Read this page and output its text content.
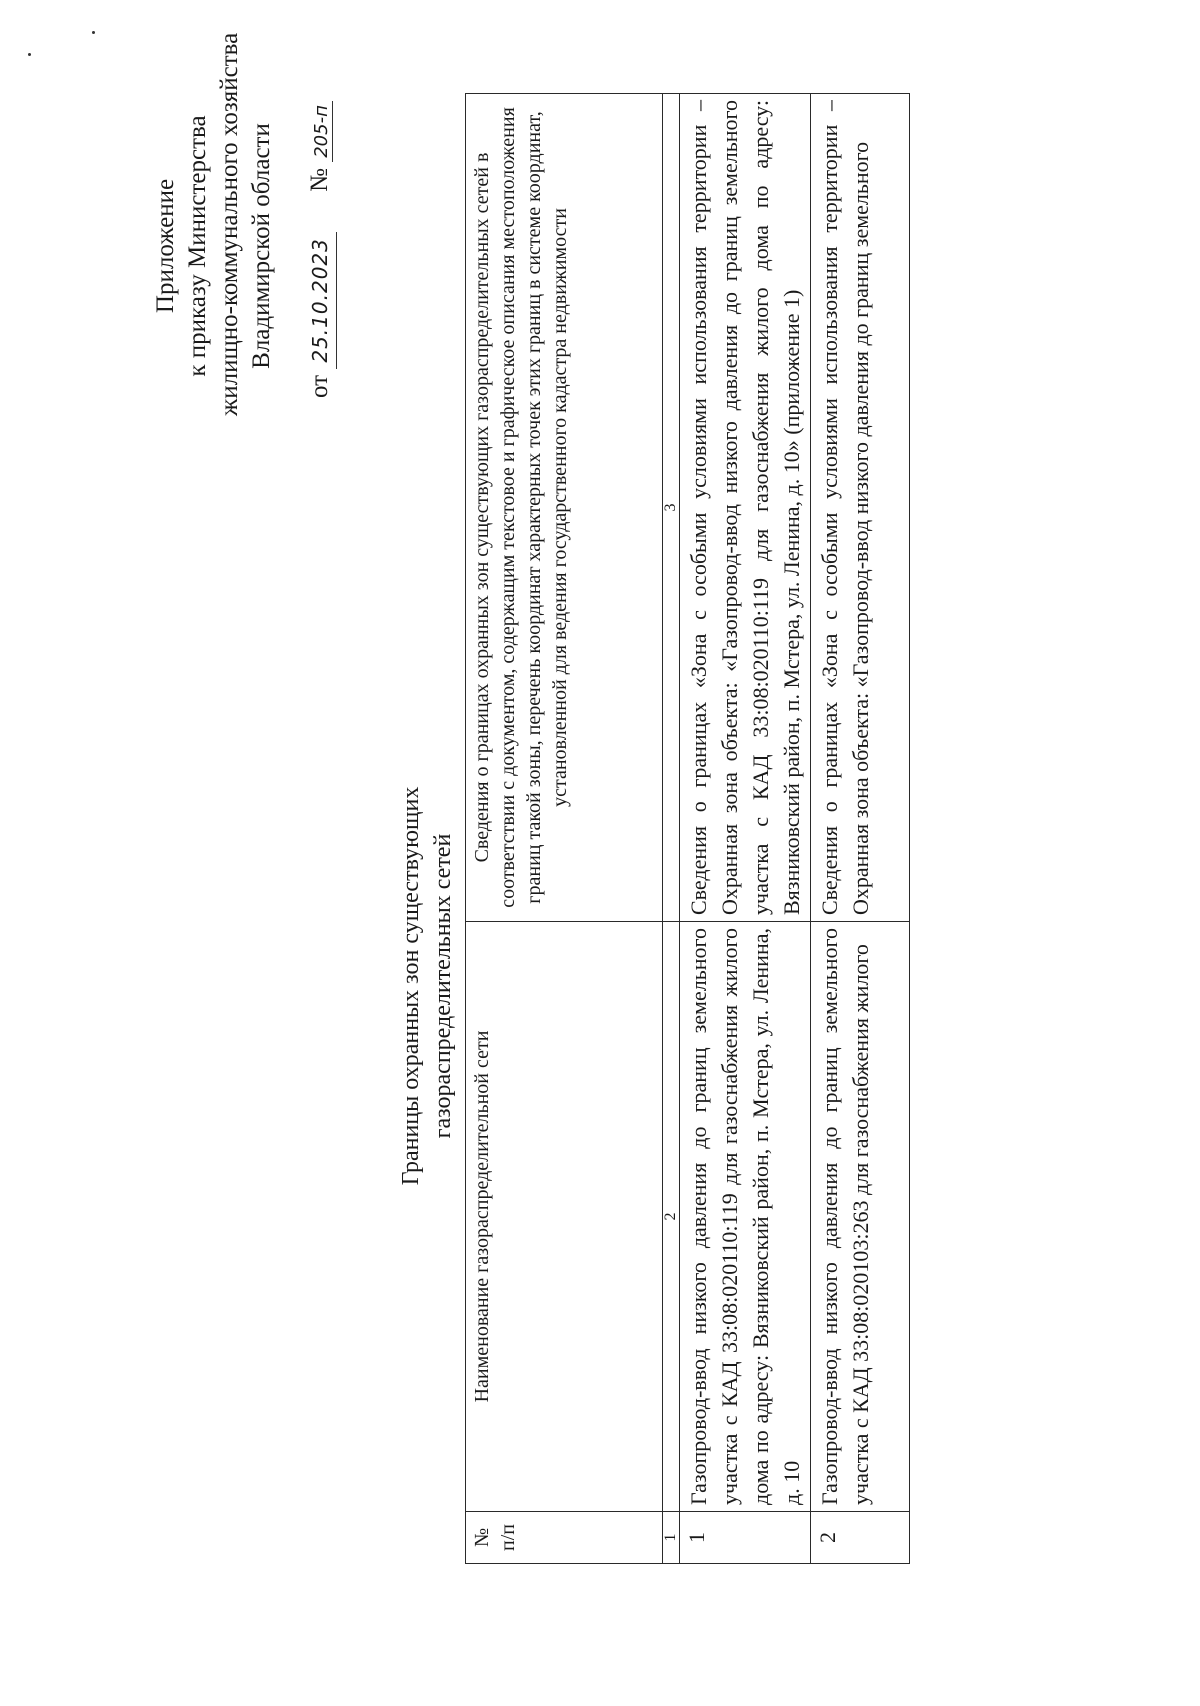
Приложение к приказу Министерства жилищно-коммунального хозяйства Владимирской области
от 25.10.2023 № 205-п
Границы охранных зон существующих газораспределительных сетей
№ п/п	Наименование газораспределительной сети	Сведения о границах охранных зон существующих газораспределительных сетей в соответствии с документом, содержащим текстовое и графическое описания местоположения границ такой зоны, перечень координат характерных точек этих границ в системе координат, установленной для ведения государственного кадастра недвижимости
1	2	3
1	Газопровод-ввод низкого давления до границ земельного участка с КАД 33:08:020110:119 для газоснабжения жилого дома по адресу: Вязниковский район, п. Мстера, ул. Ленина, д. 10	Сведения о границах «Зона с особыми условиями использования территории – Охранная зона объекта: «Газопровод-ввод низкого давления до границ земельного участка с КАД 33:08:020110:119 для газоснабжения жилого дома по адресу: Вязниковский район, п. Мстера, ул. Ленина, д. 10» (приложение 1)
2	Газопровод-ввод низкого давления до границ земельного участка с КАД 33:08:020103:263 для газоснабжения жилого	Сведения о границах «Зона с особыми условиями использования территории – Охранная зона объекта: «Газопровод-ввод низкого давления до границ земельного
